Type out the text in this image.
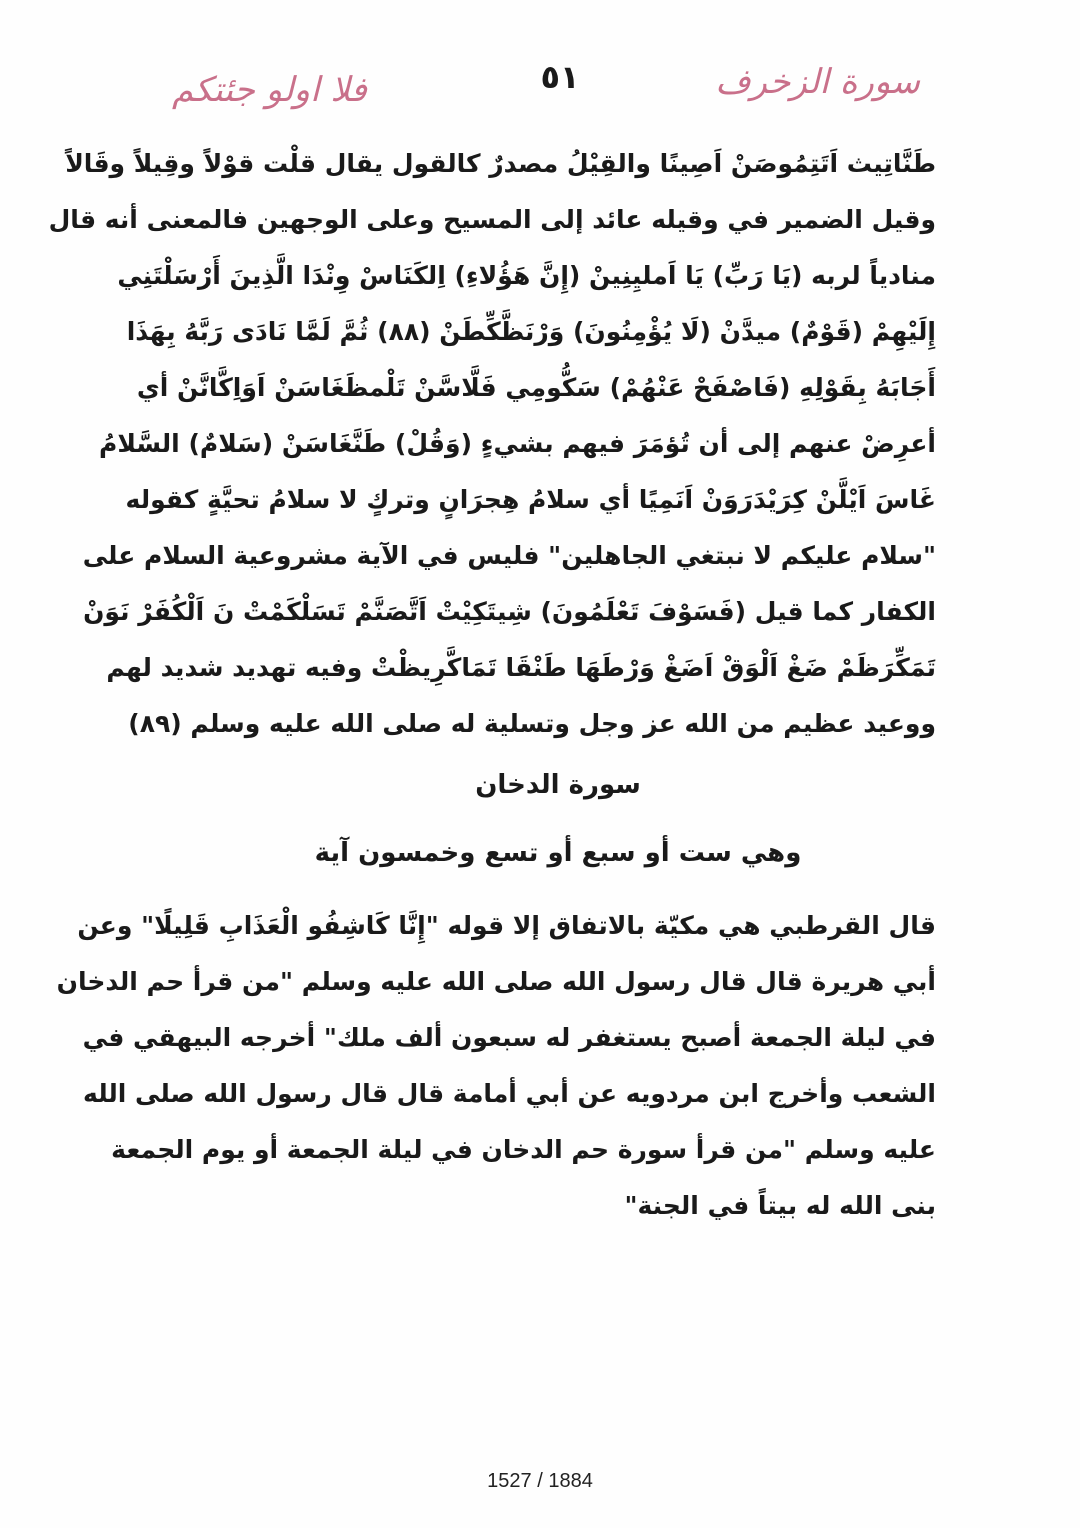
سورة الزخرف
٥١
فلا اولو جئتكم
طَنَّاتِيث اَتَتِمُوصَنْ اَصِينًا والقِيْلُ مصدرٌ كالقول يقال قلْت قوْلاً وقِيلاً وقَالاً
وقيل الضمير في وقيله عائد إلى المسيح وعلى الوجهين فالمعنى أنه قال
منادياً لربه (يَا رَبِّ) يَا اَمليِنِينْ (إِنَّ هَؤُلاءِ) اِلكَنَاسْ وِنْدَا الَّذِينَ أَرْسَلْتَنِي
إِلَيْهِمْ (قَوْمٌ) ميدَّنْ (لَا يُؤْمِنُونَ) وَرْنَظَّكِّطَنْ (٨٨) ثُمَّ لَمَّا نَادَى رَبَّهُ بِهَذَا
أَجَابَهُ بِقَوْلِهِ (فَاصْفَحْ عَنْهُمْ) سَكُّومِي فَلَّاسَّنْ تَلْمظَغَاسَنْ اَوَاِكَّانَّنْ أي
أعرِضْ عنهم إلى أن تُؤمَرَ فيهم بشيءٍ (وَقُلْ) طَنَّغَاسَنْ (سَلامٌ) السَّلامُ
غَاسَ اَيْلَّنْ كِرَيْدَرَوَنْ اَنَمِيًا أي سلامُ هِجرَانٍ وتركٍ لا سلامُ تحيَّةٍ كقوله
"سلام عليكم لا نبتغي الجاهلين" فليس في الآية مشروعية السلام على
الكفار كما قيل (فَسَوْفَ تَعْلَمُونَ) شِيتَكِيْتْ اَتَّصَنَّمْ تَسَلْكَمْتْ نَ اَلْكُفَرْ نَوَنْ
تَمَكِّرَظَمْ ضَغْ اَلْوَقْ اَضَغْ وَرْطَهَا طَنْقَا تَمَاكَّرِيظْتْ وفيه تهديد شديد لهم
ووعيد عظيم من الله عز وجل وتسلية له صلى الله عليه وسلم (٨٩)
سورة الدخان
وهي ست أو سبع أو تسع وخمسون آية
قال القرطبي هي مكيّة بالاتفاق إلا قوله "إِنَّا كَاشِفُو الْعَذَابِ قَلِيلًا" وعن
أبي هريرة قال قال رسول الله صلى الله عليه وسلم "من قرأ حم الدخان
في ليلة الجمعة أصبح يستغفر له سبعون ألف ملك" أخرجه البيهقي في
الشعب وأخرج ابن مردويه عن أبي أمامة قال قال رسول الله صلى الله
عليه وسلم "من قرأ سورة حم الدخان في ليلة الجمعة أو يوم الجمعة
بنى الله له بيتاً في الجنة"
1527 / 1884
